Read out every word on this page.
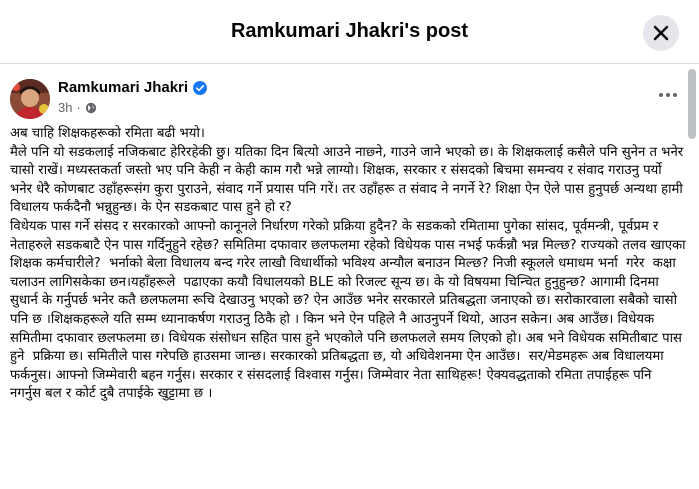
Ramkumari Jhakri's post
Ramkumari Jhakri
3h ·
अब चाहि शिक्षकहरूको रमिता बढी भयो।
मैले पनि यो सडकलाई नजिकबाट हेरिरहेकी छु। यतिका दिन बित्यो आउने नाछ्ने, गाउने जाने भएको छ। के शिक्षकलाई कसैले पनि सुनेन त भनेर चासो राखें। मध्यस्तकर्ता जस्तो भए पनि केही न केही काम गरौ भन्ने लाग्यो। शिक्षक, सरकार र संसदको बिचमा समन्वय र संवाद गराउनु पर्यो भनेर धेरै कोणबाट उहाँहरूसंग कुरा पुराउने, संवाद गर्ने प्रयास पनि गरें। तर उहाँहरू त संवाद ने नगर्ने रे? शिक्षा ऐन ऐले पास हुनुपर्छ अन्यथा हामी विधालय फर्कदैनौ भन्नुहुन्छ। के ऐन सडकबाट पास हुने हो र?
विधेयक पास गर्ने संसद र सरकारको आफ्नो कानूनले निर्धारण गरेको प्रक्रिया हुदैन? के सडकको रमितामा पुगेका सांसद, पूर्वमन्त्री, पूर्वप्रम र नेताहरुले सडकबाटै ऐन पास गर्दिनुहुने रहेछ? समितिमा दफावार छलफलमा रहेको विधेयक पास नभई फर्कन्नौ भन्न मिल्छ? राज्यको तलव खाएका शिक्षक कर्मचारीले?  भर्नाको बेला विधालय बन्द गरेर लाखौ विधार्थीको भविश्य अन्यौल बनाउन मिल्छ? निजी स्कूलले धमाधम भर्ना  गरेर  कक्षा चलाउन लागिसकेका छन।यहाँहरूले  पढाएका कयौ विधालयको BLE को रिजल्ट सून्य छ। के यो विषयमा चिन्चित हुनुहुन्छ? आगामी दिनमा सुधार्न के गर्नुपर्छ भनेर कतै छलफलमा रूचि देखाउनु भएको छ? ऐन आउँछ भनेर सरकारले प्रतिबद्धता जनाएको छ। सरोकारवाला सबैको चासो पनि छ ।शिक्षकहरूले यति सम्म ध्यानाकर्षण गराउनु ठिकै हो । किन भने ऐन पहिले नै आउनुपर्ने थियो, आउन सकेन। अब आउँछ। विधेयक समितीमा दफावार छलफलमा छ। विधेयक संसोधन सहित पास हुने भएकोले पनि छलफलले समय लिएको हो। अब भने विधेयक समितीबाट पास हुने  प्रक्रिया छ। समितीले पास गरेपछि हाउसमा जान्छ। सरकारको प्रतिबद्धता छ, यो अधिवेशनमा ऐन आउँछ।  सर/मेडमहरू अब विधालयमा फर्कनुस। आफ्नो जिम्मेवारी बहन गर्नुस। सरकार र संसदलाई विश्वास गर्नुस। जिम्मेवार नेता साथिहरू! ऐक्यवद्धताको रमिता तपाईहरू पनि नगर्नुस बल र कोर्ट दुबै तपाईके खुट्टामा छ ।
